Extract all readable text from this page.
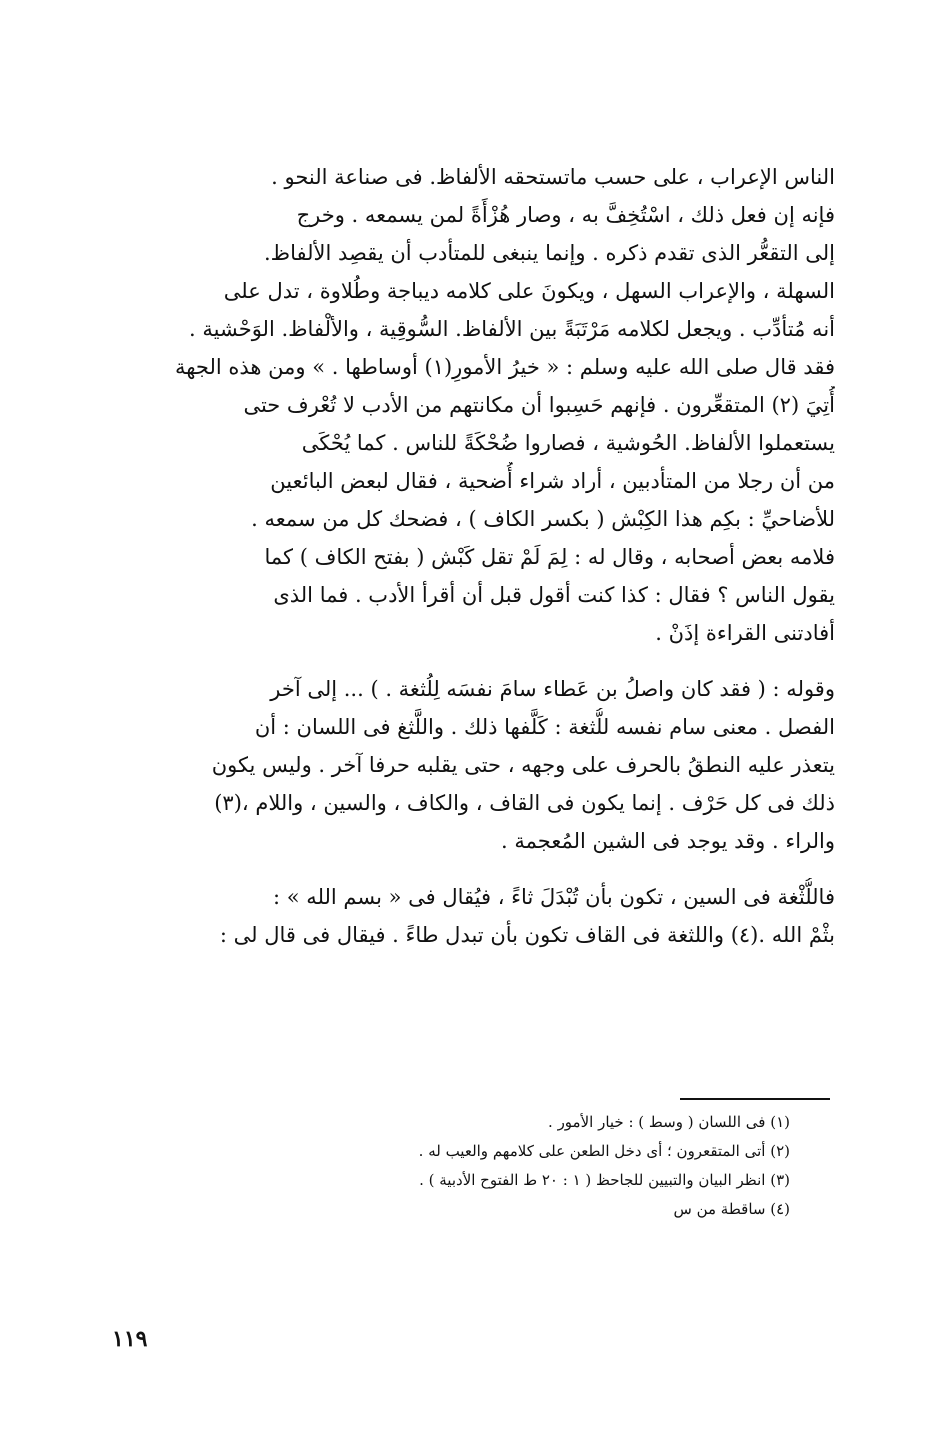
الناس الإعراب ، على حسب ماتستحقه الألفاظ. فى صناعة النحو .

فإنه إن فعل ذلك ، اسْتُخِفَّ به ، وصار هُزْأَةً لمن يسمعه . وخرج

إلى التقعُّر الذى تقدم ذكره . وإنما ينبغى للمتأدب أن يقصِد الألفاظ.

السهلة ، والإعراب السهل ، ويكونَ على كلامه ديباجة وطُلاوة ، تدل على

أنه مُتأدِّب . ويجعل لكلامه مَرْتَبَةً بين الألفاظ. السُّوقِية ، والألْفاظ. الوَحْشية .

فقد قال صلى الله عليه وسلم : « خيرُ الأمورِ(١) أوساطها . » ومن هذه الجهة

أُتِيَ (٢) المتقعِّرون . فإنهم حَسِبوا أن مكانتهم من الأدب لا تُعْرف حتى

يستعملوا الألفاظ. الحُوشية ، فصاروا ضُحْكَةً للناس . كما يُحْكَى

من أن رجلا من المتأدبين ، أراد شراء أُضحية ، فقال لبعض البائعين

للأضاحيِّ : بكِم هذا الكِبْش ( بكسر الكاف ) ، فضحك كل من سمعه .

فلامه بعض أصحابه ، وقال له : لِمَ لَمْ تقل كَبْش ( بفتح الكاف ) كما

يقول الناس ؟ فقال : كذا كنت أقول قبل أن أقرأ الأدب . فما الذى

أفادتنى القراءة إذَنْ .

وقوله : ( فقد كان واصلُ بن عَطاء سامَ نفسَه لِلُثغة . ) ... إلى آخر

الفصل . معنى سام نفسه للُّثغة : كَلَّفها ذلك . واللَّثغ فى اللسان : أن

يتعذر عليه النطقُ بالحرف على وجهه ، حتى يقلبه حرفا آخر . وليس يكون

ذلك فى كل حَرْف . إنما يكون فى القاف ، والكاف ، والسين ، واللام ،(٣)

والراء . وقد يوجد فى الشين المُعجمة .

فاللُّثْغة فى السين ، تكون بأن تُبْدَلَ ثاءً ، فيُقال فى « بسم الله » :

بثْمْ الله .(٤) واللثغة فى القاف تكون بأن تبدل طاءً . فيقال فى قال لى :

(١) فى اللسان ( وسط ) : خيار الأمور .
(٢) أتى المتقعرون ؛ أى دخل الطعن على كلامهم والعيب له .
(٣) انظر البيان والتبيين للجاحظ ( ١ : ٢٠ ط الفتوح الأدبية ) .
(٤) ساقطة من س
١١٩
